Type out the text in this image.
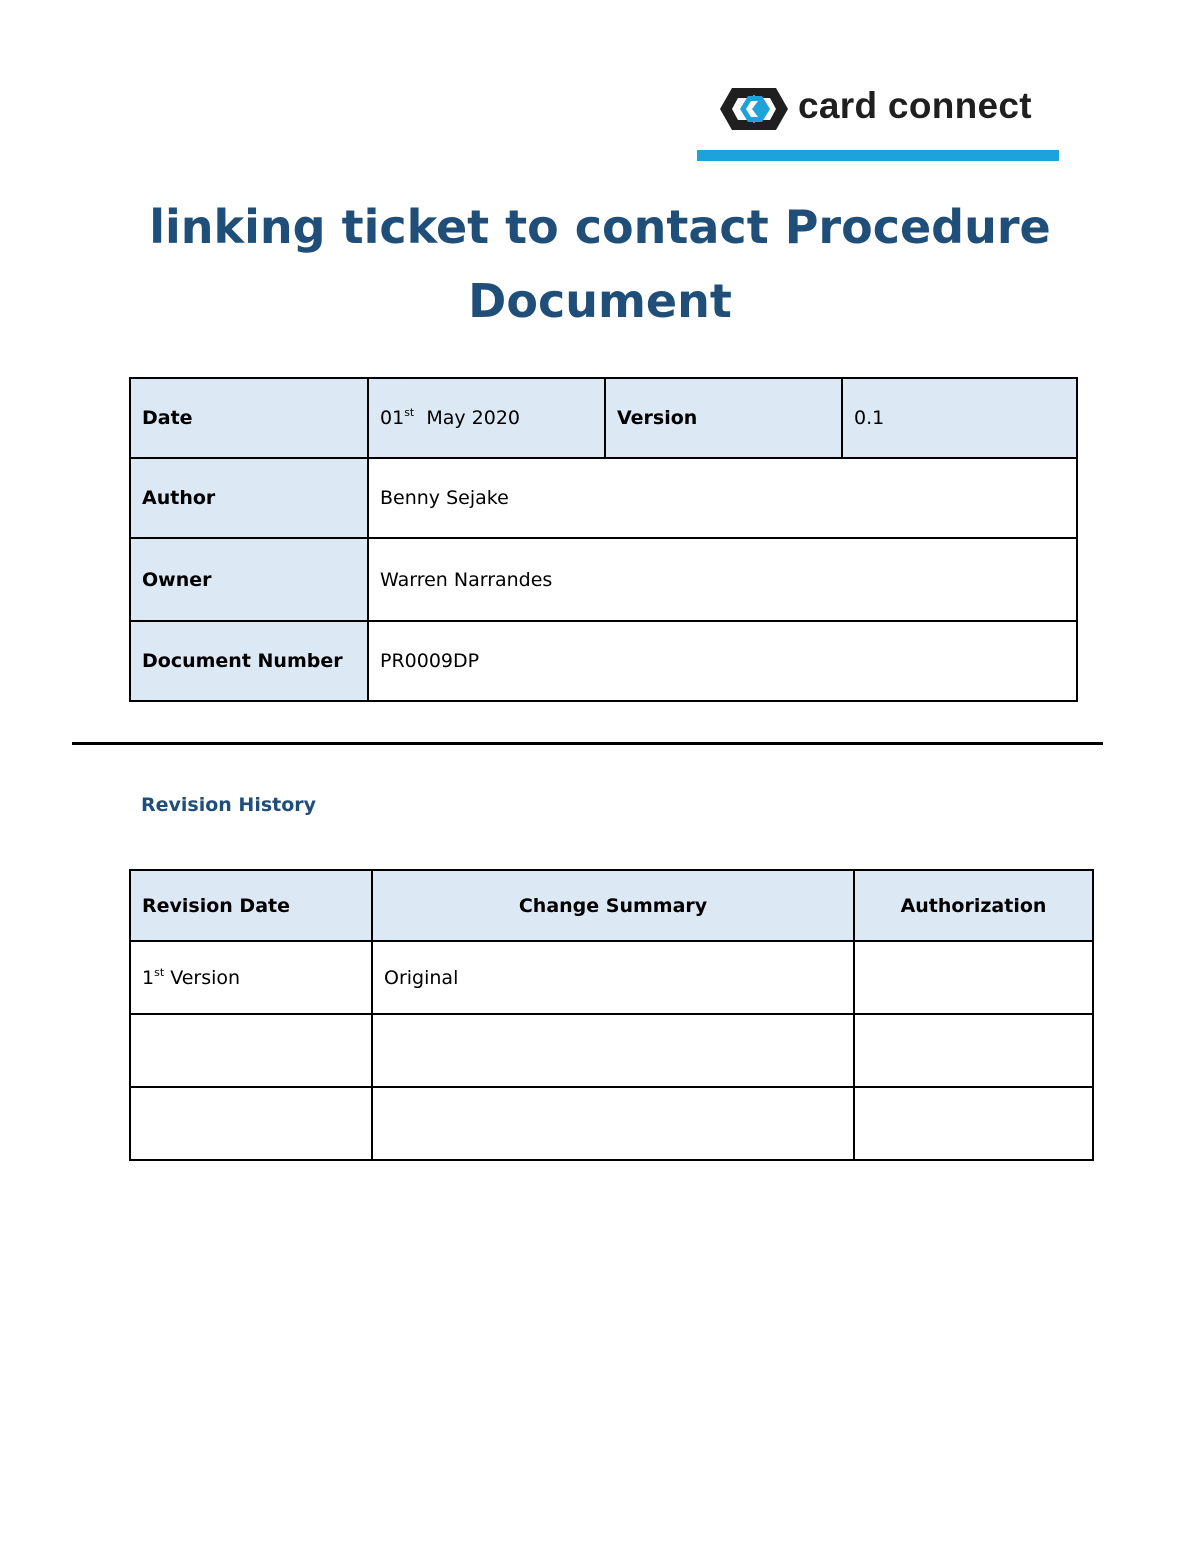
card connect
linking ticket to contact Procedure Document
Date	01st May 2020	Version	0.1
Author	Benny Sejake		
Owner	Warren Narrandes		
Document Number	PR0009DP		
Revision History
Revision Date	Change Summary	Authorization
1st Version	Original	
